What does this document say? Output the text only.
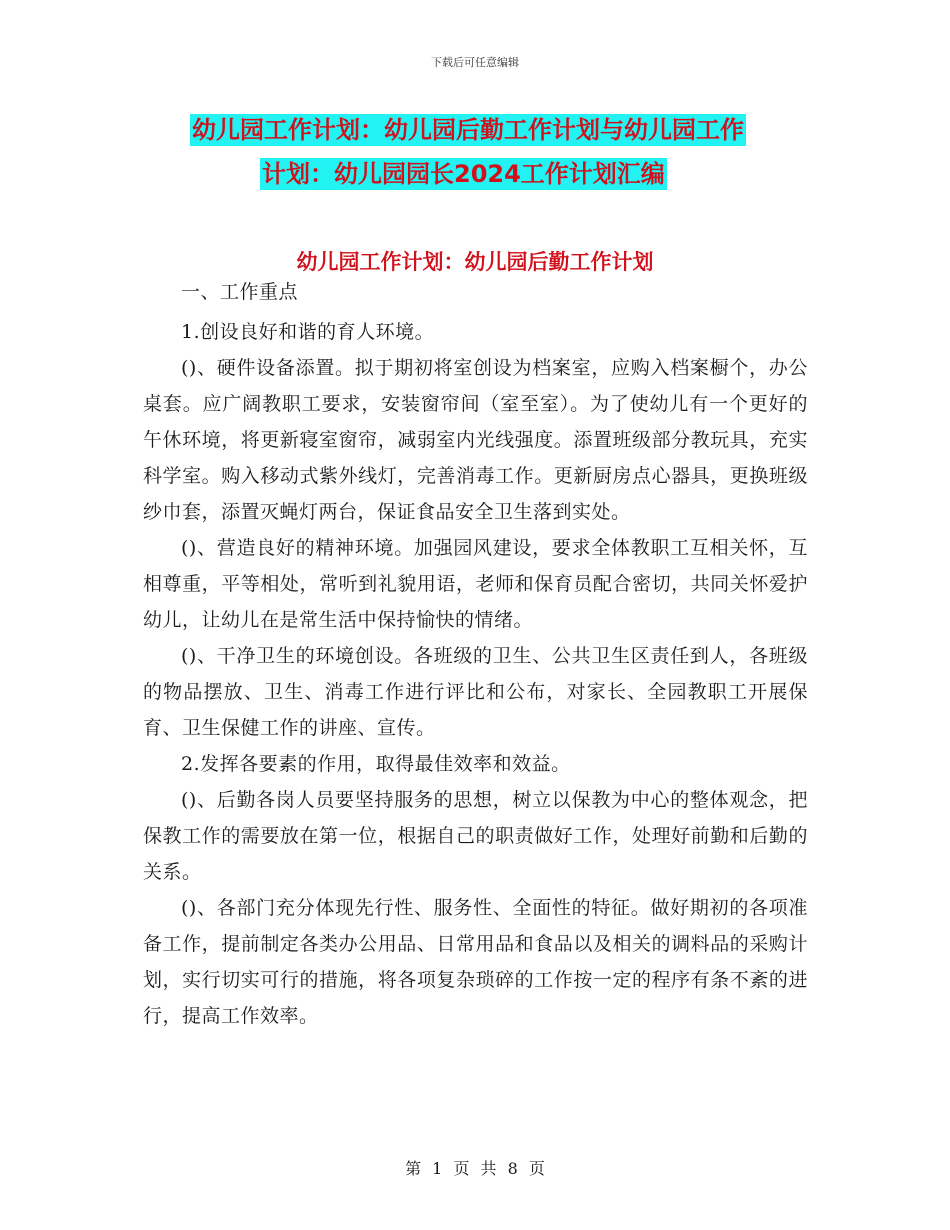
下载后可任意编辑
幼儿园工作计划：幼儿园后勤工作计划与幼儿园工作
计划：幼儿园园长2024工作计划汇编
幼儿园工作计划：幼儿园后勤工作计划

一、工作重点

1.创设良好和谐的育人环境。

()、硬件设备添置。拟于期初将室创设为档案室，应购入档案橱个，办公桌套。应广阔教职工要求，安装窗帘间（室至室）。为了使幼儿有一个更好的午休环境，将更新寝室窗帘，减弱室内光线强度。添置班级部分教玩具，充实科学室。购入移动式紫外线灯，完善消毒工作。更新厨房点心器具，更换班级纱巾套，添置灭蝇灯两台，保证食品安全卫生落到实处。

()、营造良好的精神环境。加强园风建设，要求全体教职工互相关怀，互相尊重，平等相处，常听到礼貌用语，老师和保育员配合密切，共同关怀爱护幼儿，让幼儿在是常生活中保持愉快的情绪。

()、干净卫生的环境创设。各班级的卫生、公共卫生区责任到人，各班级的物品摆放、卫生、消毒工作进行评比和公布，对家长、全园教职工开展保育、卫生保健工作的讲座、宣传。

2.发挥各要素的作用，取得最佳效率和效益。

()、后勤各岗人员要坚持服务的思想，树立以保教为中心的整体观念，把保教工作的需要放在第一位，根据自己的职责做好工作，处理好前勤和后勤的关系。

()、各部门充分体现先行性、服务性、全面性的特征。做好期初的各项准备工作，提前制定各类办公用品、日常用品和食品以及相关的调料品的采购计划，实行切实可行的措施，将各项复杂琐碎的工作按一定的程序有条不紊的进行，提高工作效率。

第 1 页 共 8 页
